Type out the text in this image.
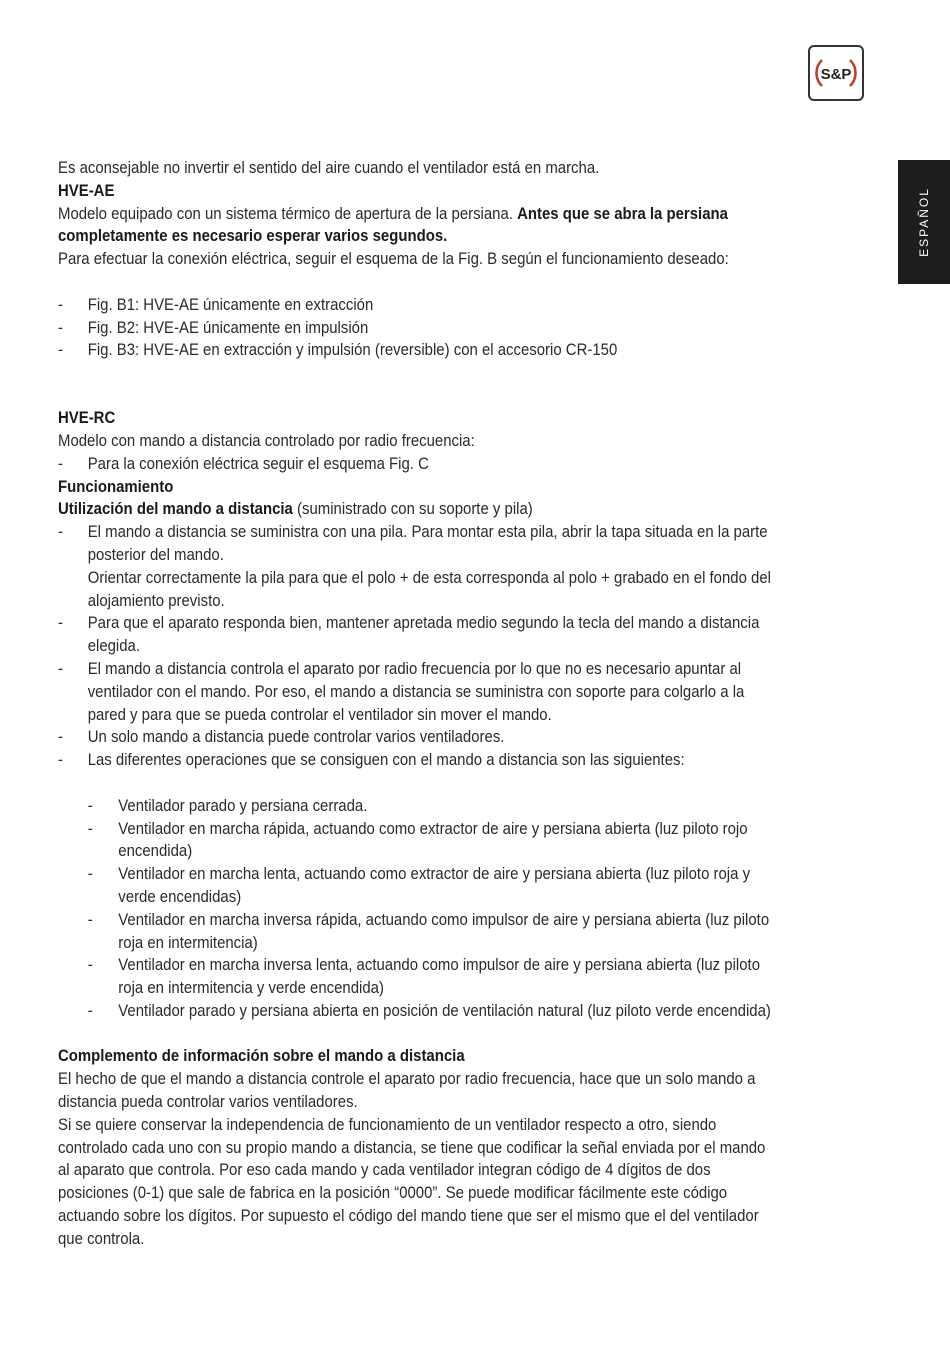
S&P
ESPAÑOL

Es aconsejable no invertir el sentido del aire cuando el ventilador está en marcha.

HVE-AE

Modelo equipado con un sistema térmico de apertura de la persiana. Antes que se abra la persiana completamente es necesario esperar varios segundos.

Para efectuar la conexión eléctrica, seguir el esquema de la Fig. B según el funcionamiento deseado:

- Fig. B1: HVE-AE únicamente en extracción

- Fig. B2: HVE-AE únicamente en impulsión

- Fig. B3: HVE-AE en extracción y impulsión (reversible) con el accesorio CR-150

HVE-RC

Modelo con mando a distancia controlado por radio frecuencia:

- Para la conexión eléctrica seguir el esquema Fig. C

Funcionamiento

Utilización del mando a distancia (suministrado con su soporte y pila)

- El mando a distancia se suministra con una pila. Para montar esta pila, abrir la tapa situada en la parte posterior del mando.

Orientar correctamente la pila para que el polo + de esta corresponda al polo + grabado en el fondo del alojamiento previsto.

- Para que el aparato responda bien, mantener apretada medio segundo la tecla del mando a distancia elegida.

- El mando a distancia controla el aparato por radio frecuencia por lo que no es necesario apuntar al ventilador con el mando. Por eso, el mando a distancia se suministra con soporte para colgarlo a la pared y para que se pueda controlar el ventilador sin mover el mando.

- Un solo mando a distancia puede controlar varios ventiladores.

- Las diferentes operaciones que se consiguen con el mando a distancia son las siguientes:

- Ventilador parado y persiana cerrada.

- Ventilador en marcha rápida, actuando como extractor de aire y persiana abierta (luz piloto rojo encendida)

- Ventilador en marcha lenta, actuando como extractor de aire y persiana abierta (luz piloto roja y verde encendidas)

- Ventilador en marcha inversa rápida, actuando como impulsor de aire y persiana abierta (luz piloto roja en intermitencia)

- Ventilador en marcha inversa lenta, actuando como impulsor de aire y persiana abierta (luz piloto roja en intermitencia y verde encendida)

- Ventilador parado y persiana abierta en posición de ventilación natural (luz piloto verde encendida)

Complemento de información sobre el mando a distancia

El hecho de que el mando a distancia controle el aparato por radio frecuencia, hace que un solo mando a distancia pueda controlar varios ventiladores.

Si se quiere conservar la independencia de funcionamiento de un ventilador respecto a otro, siendo controlado cada uno con su propio mando a distancia, se tiene que codificar la señal enviada por el mando al aparato que controla. Por eso cada mando y cada ventilador integran código de 4 dígitos de dos posiciones (0-1) que sale de fabrica en la posición “0000”. Se puede modificar fácilmente este código actuando sobre los dígitos. Por supuesto el código del mando tiene que ser el mismo que el del ventilador que controla.
